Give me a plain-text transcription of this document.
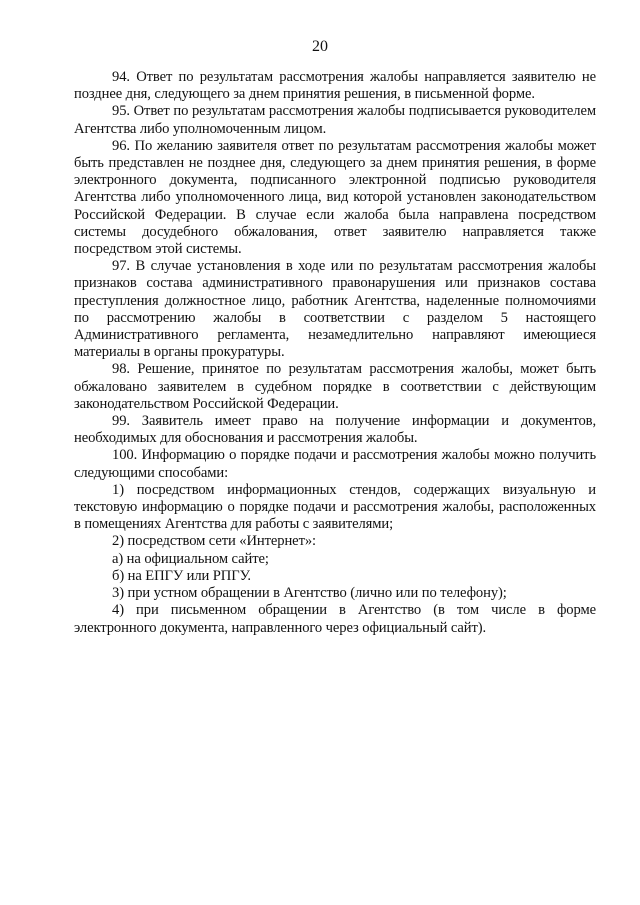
20

94. Ответ по результатам рассмотрения жалобы направляется заявителю не позднее дня, следующего за днем принятия решения, в письменной форме.

95. Ответ по результатам рассмотрения жалобы подписывается руководителем Агентства либо уполномоченным лицом.

96. По желанию заявителя ответ по результатам рассмотрения жалобы может быть представлен не позднее дня, следующего за днем принятия решения, в форме электронного документа, подписанного электронной подписью руководителя Агентства либо уполномоченного лица, вид которой установлен законодательством Российской Федерации. В случае если жалоба была направлена посредством системы досудебного обжалования, ответ заявителю направляется также посредством этой системы.

97. В случае установления в ходе или по результатам рассмотрения жалобы признаков состава административного правонарушения или признаков состава преступления должностное лицо, работник Агентства, наделенные полномочиями по рассмотрению жалобы в соответствии с разделом 5 настоящего Административного регламента, незамедлительно направляют имеющиеся материалы в органы прокуратуры.

98. Решение, принятое по результатам рассмотрения жалобы, может быть обжаловано заявителем в судебном порядке в соответствии с действующим законодательством Российской Федерации.

99. Заявитель имеет право на получение информации и документов, необходимых для обоснования и рассмотрения жалобы.

100. Информацию о порядке подачи и рассмотрения жалобы можно получить следующими способами:

1) посредством информационных стендов, содержащих визуальную и текстовую информацию о порядке подачи и рассмотрения жалобы, расположенных в помещениях Агентства для работы с заявителями;

2) посредством сети «Интернет»:

а) на официальном сайте;

б) на ЕПГУ или РПГУ.

3) при устном обращении в Агентство (лично или по телефону);

4) при письменном обращении в Агентство (в том числе в форме электронного документа, направленного через официальный сайт).
